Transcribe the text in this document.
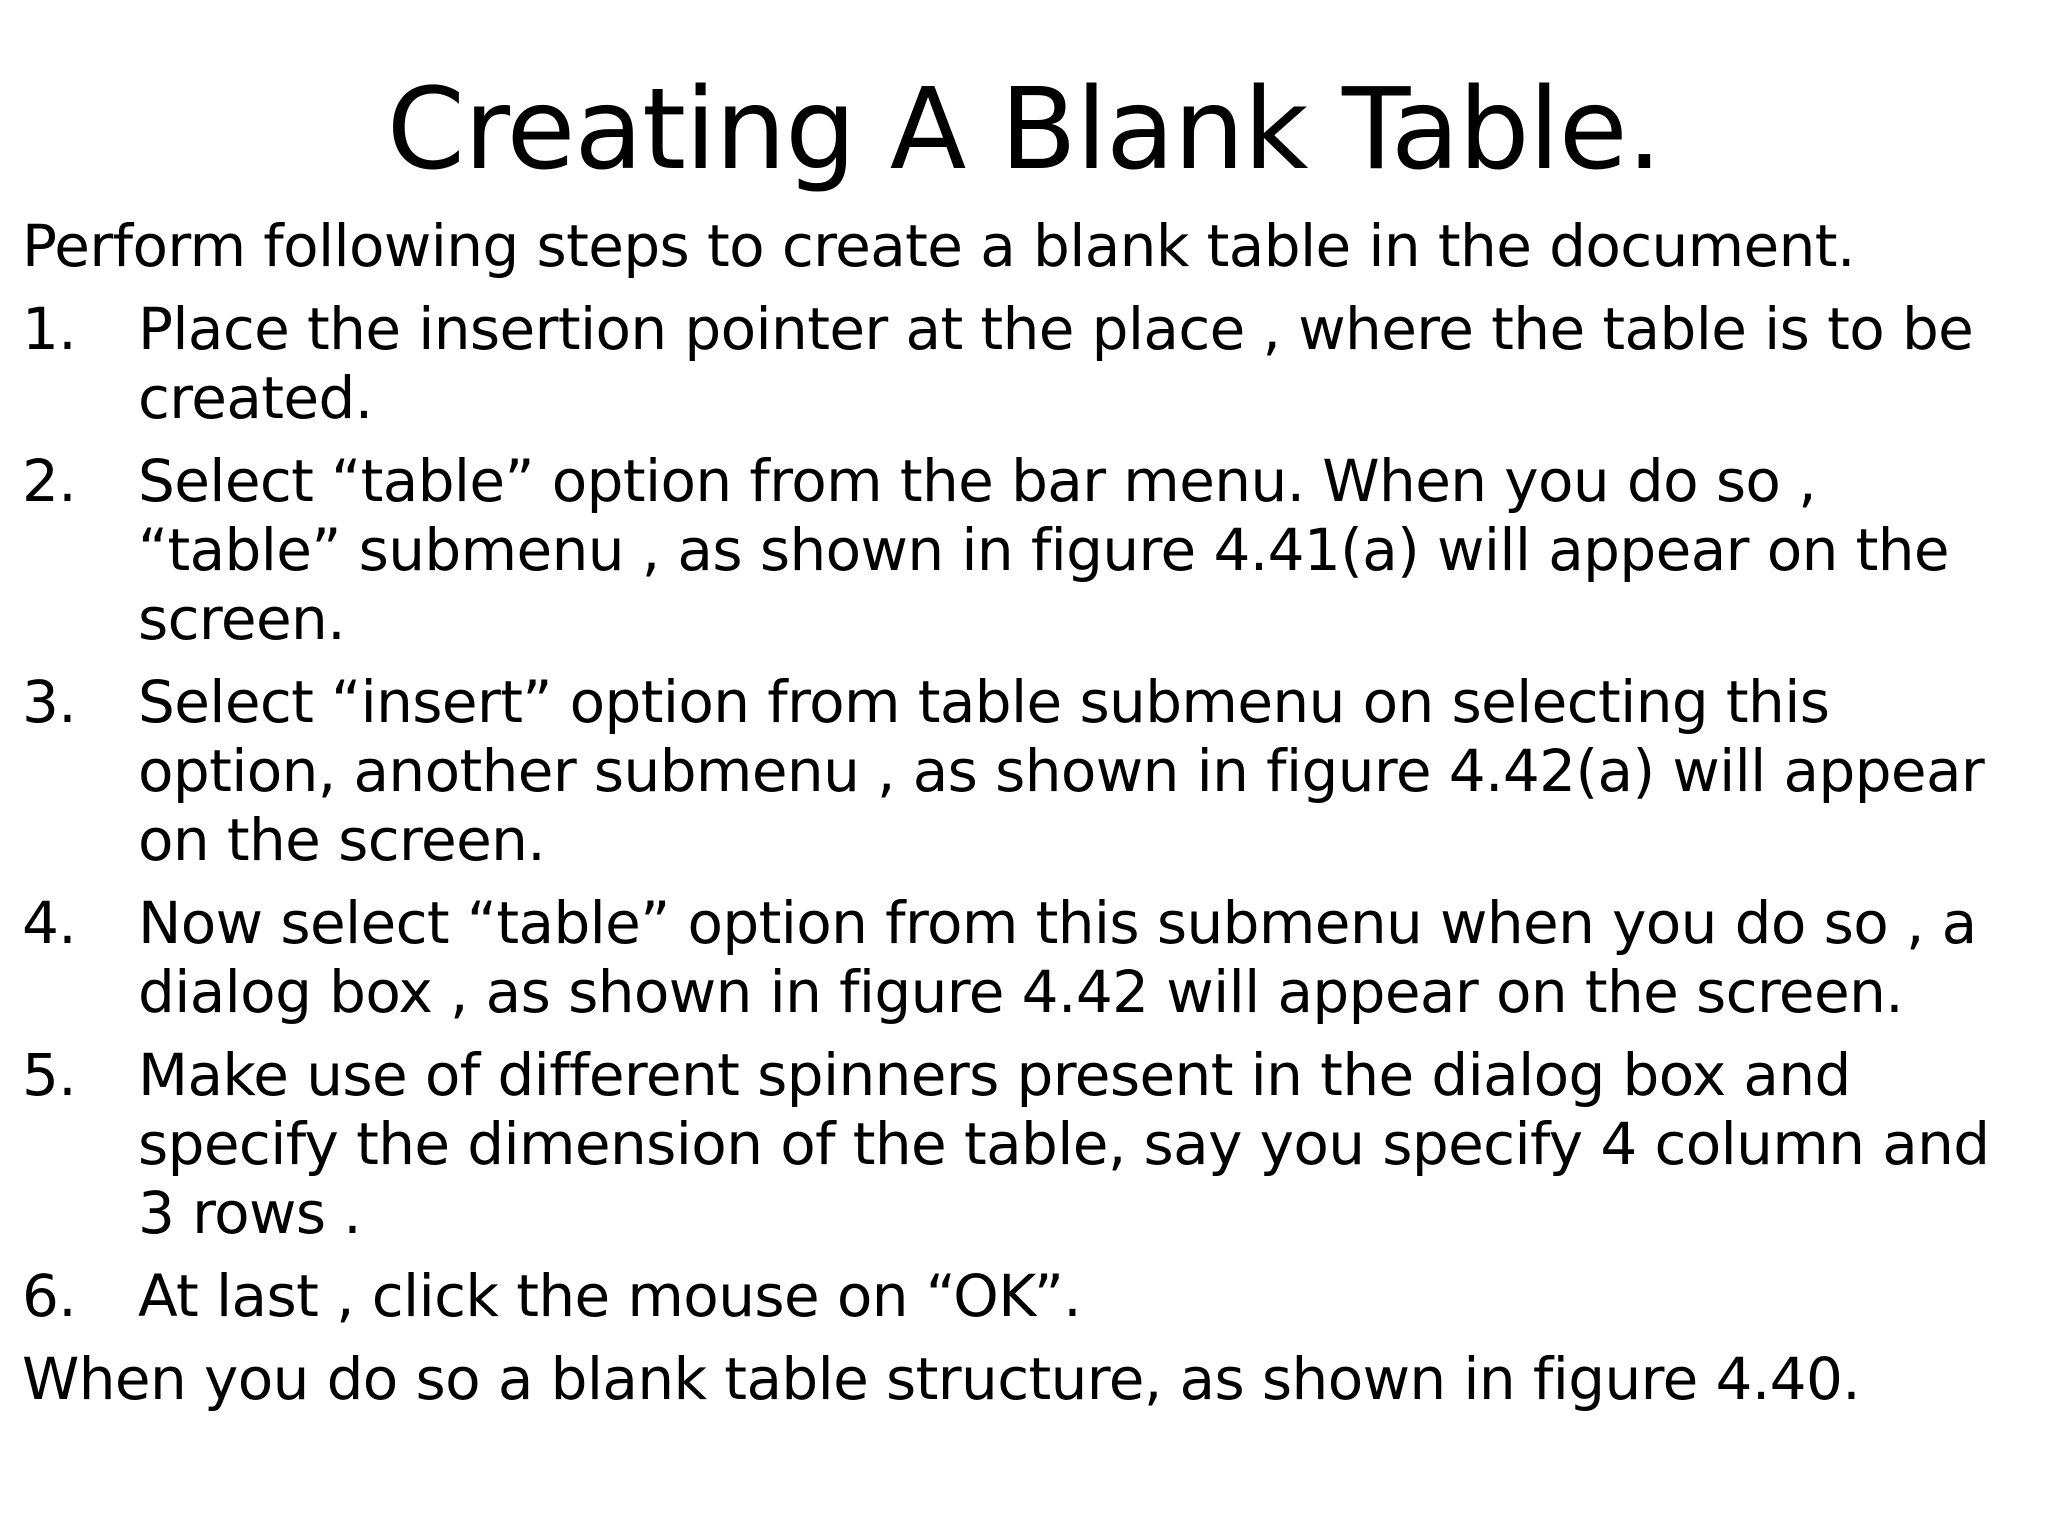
Creating A Blank Table.

Perform following steps to create a blank table in the document.

1. Place the insertion pointer at the place , where the table is to be
created.
2. Select “table” option from the bar menu. When you do so ,
“table” submenu , as shown in figure 4.41(a) will appear on the
screen.
3. Select “insert” option from table submenu on selecting this
option, another submenu , as shown in figure 4.42(a) will appear
on the screen.
4. Now select “table” option from this submenu when you do so , a
dialog box , as shown in figure 4.42 will appear on the screen.
5. Make use of different spinners present in the dialog box and
specify the dimension of the table, say you specify 4 column and
3 rows .
6. At last , click the mouse on “OK”.

When you do so a blank table structure, as shown in figure 4.40.
